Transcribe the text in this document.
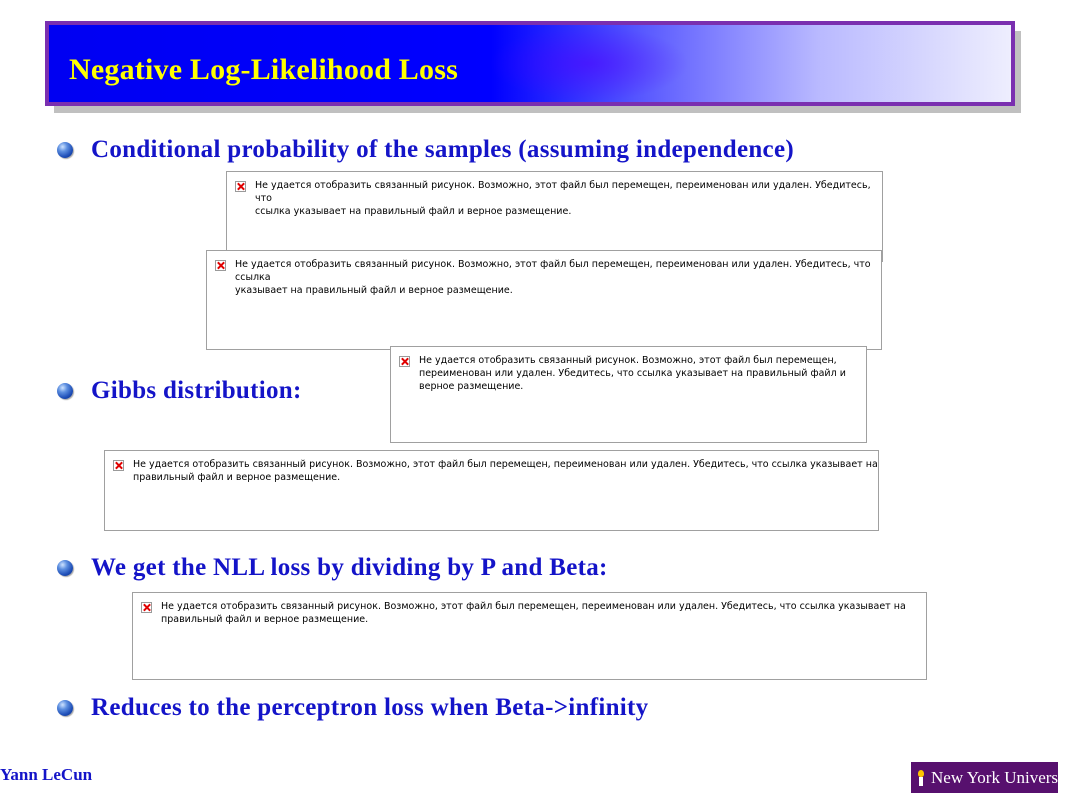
Negative Log-Likelihood Loss
Conditional probability of the samples (assuming independence)
Не удается отобразить связанный рисунок. Возможно, этот файл был перемещен, переименован или удален. Убедитесь, что
ссылка указывает на правильный файл и верное размещение.
Не удается отобразить связанный рисунок. Возможно, этот файл был перемещен, переименован или удален. Убедитесь, что ссылка
указывает на правильный файл и верное размещение.
Не удается отобразить связанный рисунок. Возможно, этот файл был перемещен,
переименован или удален. Убедитесь, что ссылка указывает на правильный файл и
верное размещение.
Gibbs distribution:
Не удается отобразить связанный рисунок. Возможно, этот файл был перемещен, переименован или удален. Убедитесь, что ссылка указывает на
правильный файл и верное размещение.
We get the NLL loss by dividing by P and Beta:
Не удается отобразить связанный рисунок. Возможно, этот файл был перемещен, переименован или удален. Убедитесь, что ссылка указывает на
правильный файл и верное размещение.
Reduces to the perceptron loss when Beta->infinity
Yann LeCun	New York University
